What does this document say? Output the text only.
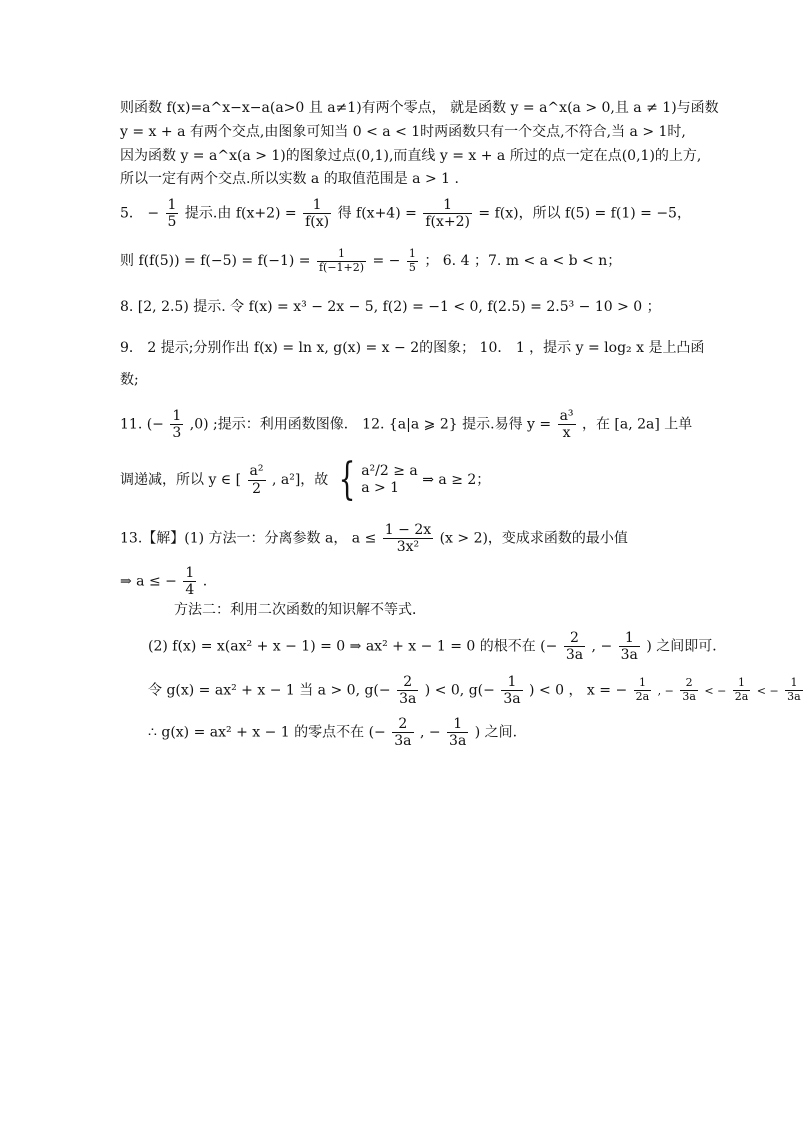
则函数 f(x)=a^x−x−a(a>0 且 a≠1)有两个零点， 就是函数 y = a^x(a > 0,且 a ≠ 1)与函数
y = x + a 有两个交点,由图象可知当 0 < a < 1时两函数只有一个交点,不符合,当 a > 1时,
因为函数 y = a^x(a > 1)的图象过点(0,1),而直线 y = x + a 所过的点一定在点(0,1)的上方,
所以一定有两个交点.所以实数 a 的取值范围是 a > 1 .
5． − $\frac{1}{5}$ 提示.由 $f(x+2) = \frac{1}{f(x)}$ 得 $f(x+4) = \frac{1}{f(x+2)} = f(x)$，所以 f(5) = f(1) = −5，
则 $f(f(5)) = f(-5) = f(-1) = \frac{1}{f(-1+2)}$ = − $\frac{1}{5}$ ； 6. 4 ；7. m < a < b < n；
8. [2, 2.5) 提示. 令 f(x) = x³ − 2x − 5, f(2) = −1 < 0, f(2.5) = 2.5³ − 10 > 0 ；
9． 2 提示;分别作出 f(x) = ln x, g(x) = x − 2的图象； 10． 1 ，提示 y = log₂ x 是上凸函
数;
11. (− $\frac{1}{3} ,0$) ;提示：利用函数图像． 12. {a|a ⩾ 2} 提示.易得 $y = \frac{\text{a³}}{x}$ ，在 [a, 2a] 上单
调递减，所以 y ∈ [ $\frac{\text{a²}}{2}$ , a²]，故 { a²/2 ≥ a
a > 1	⇒ a ≥ 2；
13.【解】(1) 方法一：分离参数 a， $a \le \frac{1 - 2x}{\text{3x²}} (x > 2)$，变成求函数的最小值
⇒ a ≤ − $\frac{1}{4}$ .
方法二：利用二次函数的知识解不等式．
(2) f(x) = x(ax² + x − 1) = 0 ⇒ ax² + x − 1 = 0 的根不在 (− $\frac{2}{3a}$ , − $\frac{1}{3a}$ ) 之间即可．
令 g(x) = ax² + x − 1 当 a > 0, $g(- \frac{2}{3a}$ ) < 0, $g(- \frac{1}{3a}$ ) < 0 ， x = − $\frac{1}{2a}$ , − $\frac{2}{3a}$ < − $\frac{1}{2a}$ < − $\frac{1}{3a}$
∴ g(x) = ax² + x − 1 的零点不在 (− $\frac{2}{3a}$ , − $\frac{1}{3a}$ ) 之间.
